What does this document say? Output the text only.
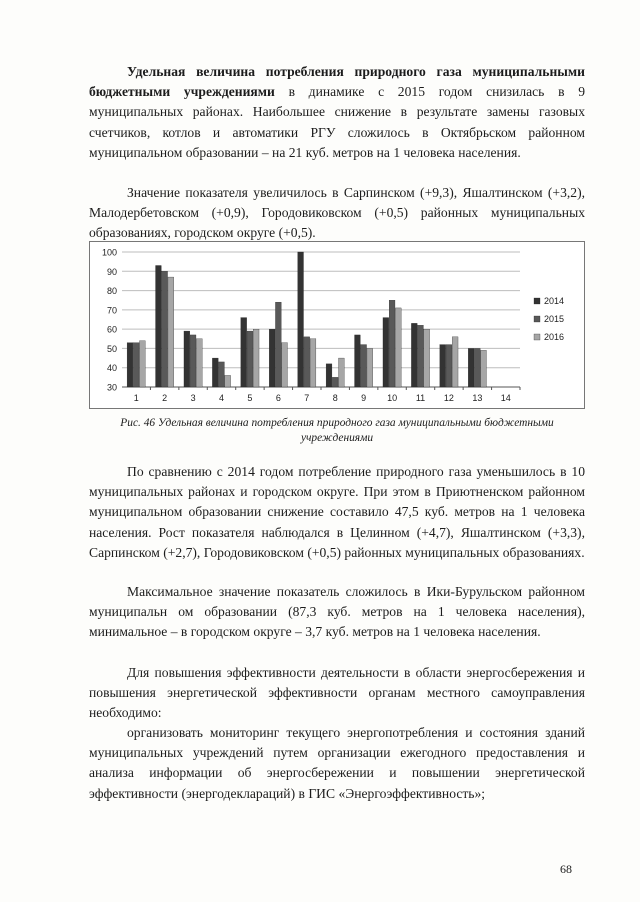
Удельная величина потребления природного газа муниципальными бюджетными учреждениями в динамике с 2015 годом снизилась в 9 муниципальных районах. Наибольшее снижение в результате замены газовых счетчиков, котлов и автоматики РГУ сложилось в Октябрьском районном муниципальном образовании – на 21 куб. метров на 1 человека населения.

Значение показателя увеличилось в Сарпинском (+9,3), Яшалтинском (+3,2), Малодербетовском (+0,9), Городовиковском (+0,5) районных муниципальных образованиях, городском округе (+0,5).

30
40
50
60
70
80
90
100
1	2	3	4	5	6	7	8	9 10 11 12 13 14
2014
2015
2016
Рис. 46 Удельная величина потребления природного газа муниципальными бюджетными учреждениями

По сравнению с 2014 годом потребление природного газа уменьшилось в 10 муниципальных районах и городском округе. При этом в Приютненском районном муниципальном образовании снижение составило 47,5 куб. метров на 1 человека населения. Рост показателя наблюдался в Целинном (+4,7), Яшалтинском (+3,3), Сарпинском (+2,7), Городовиковском (+0,5) районных муниципальных образованиях.

Максимальное значение показатель сложилось в Ики-Бурульском районном муниципальн ом образовании (87,3 куб. метров на 1 человека населения), минимальное – в городском округе – 3,7 куб. метров на 1 человека населения.

Для повышения эффективности деятельности в области энергосбережения и повышения энергетической эффективности органам местного самоуправления необходимо:

организовать мониторинг текущего энергопотребления и состояния зданий муниципальных учреждений путем организации ежегодного предоставления и анализа информации об энергосбережении и повышении энергетической эффективности (энергодеклараций) в ГИС «Энергоэффективность»;

68
